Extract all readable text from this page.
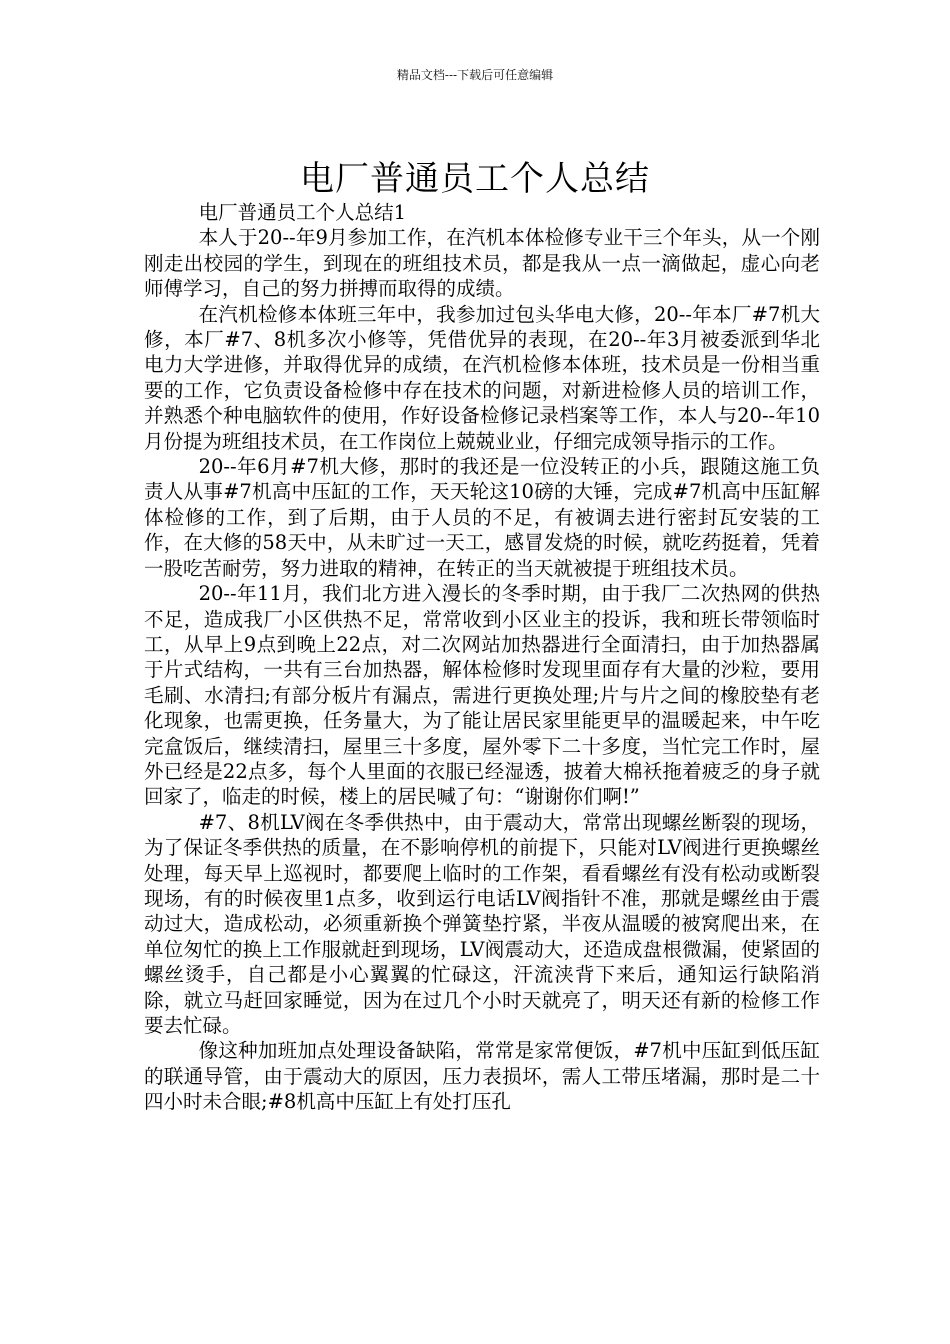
精品文档---下载后可任意编辑
电厂普通员工个人总结

电厂普通员工个人总结1

本人于20--年9月参加工作，在汽机本体检修专业干三个年头，从一个刚刚走出校园的学生，到现在的班组技术员，都是我从一点一滴做起，虚心向老师傅学习，自己的努力拼搏而取得的成绩。

在汽机检修本体班三年中，我参加过包头华电大修，20--年本厂#7机大修，本厂#7、8机多次小修等，凭借优异的表现，在20--年3月被委派到华北电力大学进修，并取得优异的成绩，在汽机检修本体班，技术员是一份相当重要的工作，它负责设备检修中存在技术的问题，对新进检修人员的培训工作，并熟悉个种电脑软件的使用，作好设备检修记录档案等工作，本人与20--年10月份提为班组技术员，在工作岗位上兢兢业业，仔细完成领导指示的工作。

20--年6月#7机大修，那时的我还是一位没转正的小兵，跟随这施工负责人从事#7机高中压缸的工作，天天轮这10磅的大锤，完成#7机高中压缸解体检修的工作，到了后期，由于人员的不足，有被调去进行密封瓦安装的工作，在大修的58天中，从未旷过一天工，感冒发烧的时候，就吃药挺着，凭着一股吃苦耐劳，努力进取的精神，在转正的当天就被提于班组技术员。

20--年11月，我们北方进入漫长的冬季时期，由于我厂二次热网的供热不足，造成我厂小区供热不足，常常收到小区业主的投诉，我和班长带领临时工，从早上9点到晚上22点，对二次网站加热器进行全面清扫，由于加热器属于片式结构，一共有三台加热器，解体检修时发现里面存有大量的沙粒，要用毛刷、水清扫;有部分板片有漏点，需进行更换处理;片与片之间的橡胶垫有老化现象，也需更换，任务量大，为了能让居民家里能更早的温暖起来，中午吃完盒饭后，继续清扫，屋里三十多度，屋外零下二十多度，当忙完工作时，屋外已经是22点多，每个人里面的衣服已经湿透，披着大棉袄拖着疲乏的身子就回家了，临走的时候，楼上的居民喊了句：“谢谢你们啊!”

#7、8机LV阀在冬季供热中，由于震动大，常常出现螺丝断裂的现场，为了保证冬季供热的质量，在不影响停机的前提下，只能对LV阀进行更换螺丝处理，每天早上巡视时，都要爬上临时的工作架，看看螺丝有没有松动或断裂现场，有的时候夜里1点多，收到运行电话LV阀指针不准，那就是螺丝由于震动过大，造成松动，必须重新换个弹簧垫拧紧，半夜从温暖的被窝爬出来，在单位匆忙的换上工作服就赶到现场，LV阀震动大，还造成盘根微漏，使紧固的螺丝烫手，自己都是小心翼翼的忙碌这，汗流浃背下来后，通知运行缺陷消除，就立马赶回家睡觉，因为在过几个小时天就亮了，明天还有新的检修工作要去忙碌。

像这种加班加点处理设备缺陷，常常是家常便饭，#7机中压缸到低压缸的联通导管，由于震动大的原因，压力表损坏，需人工带压堵漏，那时是二十四小时未合眼;#8机高中压缸上有处打压孔
